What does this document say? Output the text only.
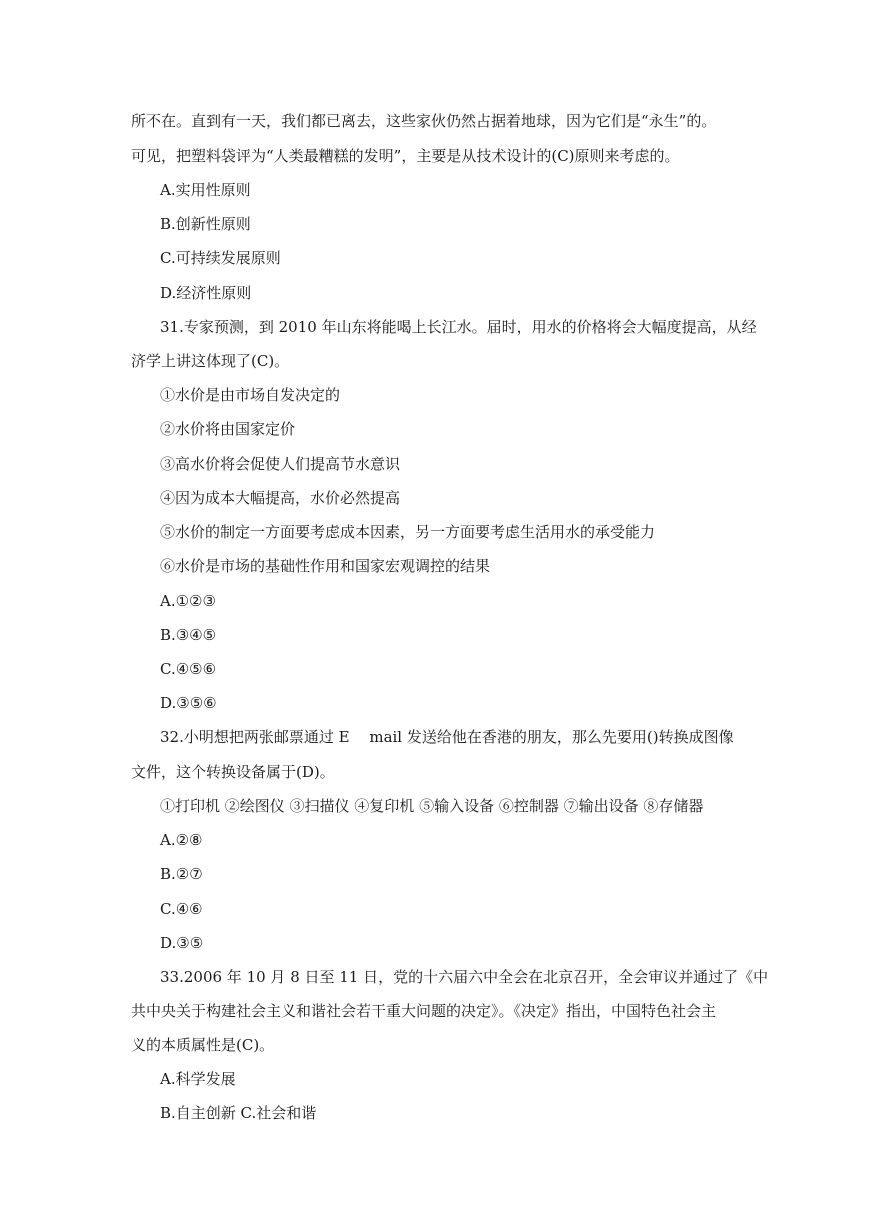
所不在。直到有一天，我们都已离去，这些家伙仍然占据着地球，因为它们是“永生”的。
可见，把塑料袋评为“人类最糟糕的发明”，主要是从技术设计的(C)原则来考虑的。
A.实用性原则
B.创新性原则
C.可持续发展原则
D.经济性原则
31.专家预测，到 2010 年山东将能喝上长江水。届时，用水的价格将会大幅度提高，从经
济学上讲这体现了(C)。
①水价是由市场自发决定的
②水价将由国家定价
③高水价将会促使人们提高节水意识
④因为成本大幅提高，水价必然提高
⑤水价的制定一方面要考虑成本因素，另一方面要考虑生活用水的承受能力
⑥水价是市场的基础性作用和国家宏观调控的结果
A.①②③
B.③④⑤
C.④⑤⑥
D.③⑤⑥
32.小明想把两张邮票通过 E　 mail 发送给他在香港的朋友，那么先要用()转换成图像
文件，这个转换设备属于(D)。
①打印机 ②绘图仪 ③扫描仪 ④复印机 ⑤输入设备 ⑥控制器 ⑦输出设备 ⑧存储器
A.②⑧
B.②⑦
C.④⑥
D.③⑤
33.2006 年 10 月 8 日至 11 日，党的十六届六中全会在北京召开，全会审议并通过了《中
共中央关于构建社会主义和谐社会若干重大问题的决定》。《决定》指出，中国特色社会主
义的本质属性是(C)。
A.科学发展
B.自主创新 C.社会和谐
